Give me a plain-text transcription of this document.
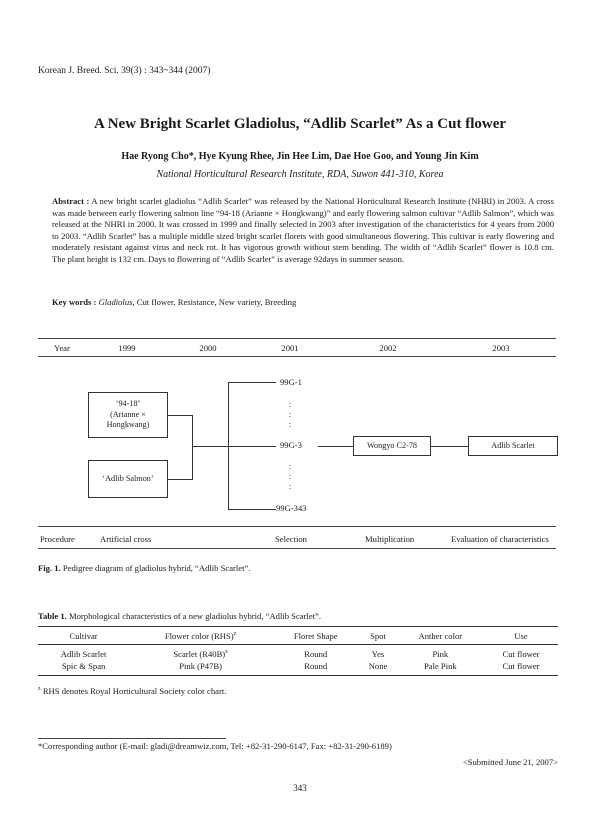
Korean J. Breed. Sci. 39(3) : 343~344 (2007)
A New Bright Scarlet Gladiolus, “Adlib Scarlet” As a Cut flower
Hae Ryong Cho*, Hye Kyung Rhee, Jin Hee Lim, Dae Hoe Goo, and Young Jin Kim
National Horticultural Research Institute, RDA, Suwon 441-310, Korea
Abstract : A new bright scarlet gladiolus “Adlib Scarlet” was released by the National Horticultural Research Institute (NHRI) in 2003. A cross was made between early flowering salmon line “94-18 (Arianne × Hongkwang)” and early flowering salmon cultivar “Adlib Salmon”, which was released at the NHRI in 2000. It was crossed in 1999 and finally selected in 2003 after investigation of the characteristics for 4 years from 2000 to 2003. “Adlib Scarlet” has a multiple middle sized bright scarlet florets with good simultaneous flowering. This cultivar is early flowering and moderately resistant against virus and neck rot. It has vigorous growth without stem bending. The width of “Adlib Scarlet” flower is 10.8 cm. The plant height is 132 cm. Days to flowering of “Adlib Scarlet” is average 92days in summer season.
Key words : Gladiolus, Cut flower, Resistance, New variety, Breeding
Year	1999	2000	2001	2002	2003
‘94-18’
(Arianne ×
Hongkwang)
‘Adlib Salmon’
99G-1
:
:
:
99G-3
:
:
:
99G-343
Wongyo C2-78	Adlib Scarlet
Procedure	Artificial cross	Selection	Multiplication	Evaluation of characteristics
Fig. 1. Pedigree diagram of gladiolus hybrid, “Adlib Scarlet”.
Table 1. Morphological characteristics of a new gladiolus hybrid, “Adlib Scarlet”.
Cultivar	Flower color (RHS)$^z$	Floret Shape	Spot	Anther color	Use
Adlib Scarlet	Scarlet $(R40B)^z$	Round	Yes	Pink	Cut flower
Spic & Span	Pink (P47B)	Round	None	Pale Pink	Cut flower
$^z$ RHS denotes Royal Horticultural Society color chart.
*Corresponding author (E-mail: gladi@dreamwiz.com, Tel: +82-31-290-6147, Fax: +82-31-290-6189)
<Submitted June 21, 2007>
343
